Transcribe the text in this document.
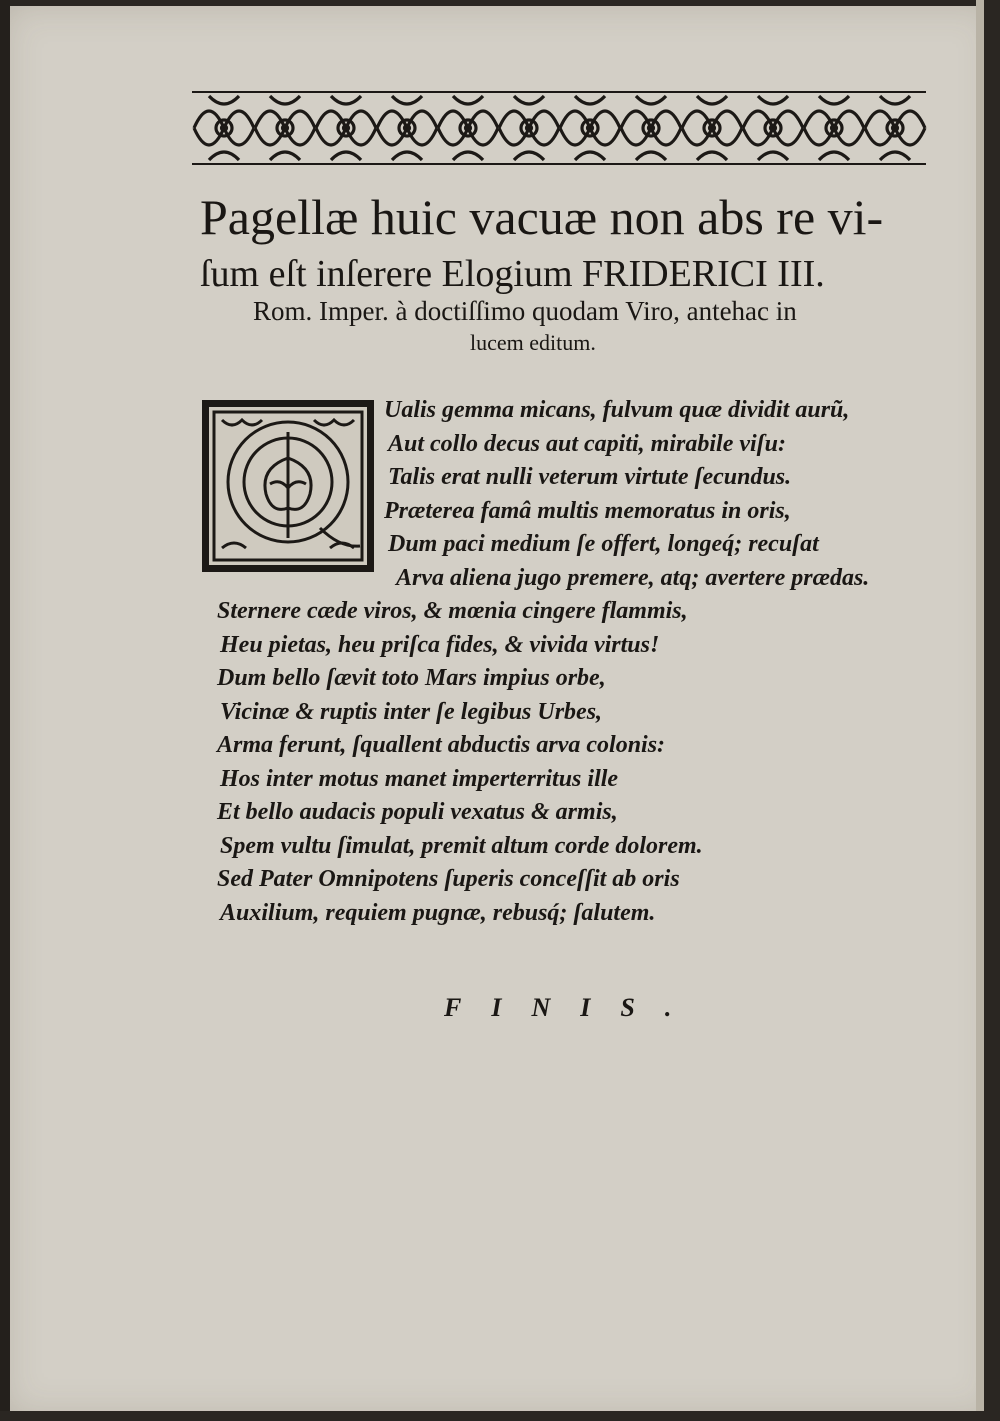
Pagellæ huic vacuæ non abs re vi-
ſum eſt inſerere Elogium FRIDERICI III.
Rom. Imper. à doctiſſimo quodam Viro, antehac in
lucem editum.
Ualis gemma micans, fulvum quæ dividit aurũ,
Aut collo decus aut capiti, mirabile viſu:
Talis erat nulli veterum virtute ſecundus.
Præterea famâ multis memoratus in oris,
Dum paci medium ſe offert, longeq́; recuſat
Arva aliena jugo premere, atq; avertere prædas.
Sternere cæde viros, & mœnia cingere flammis,
Heu pietas, heu priſca fides, & vivida virtus!
Dum bello ſævit toto Mars impius orbe,
Vicinæ & ruptis inter ſe legibus Urbes,
Arma ferunt, ſquallent abductis arva colonis:
Hos inter motus manet imperterritus ille
Et bello audacis populi vexatus & armis,
Spem vultu ſimulat, premit altum corde dolorem.
Sed Pater Omnipotens ſuperis conceſſit ab oris
Auxilium, requiem pugnæ, rebusq́; ſalutem.
FINIS.
